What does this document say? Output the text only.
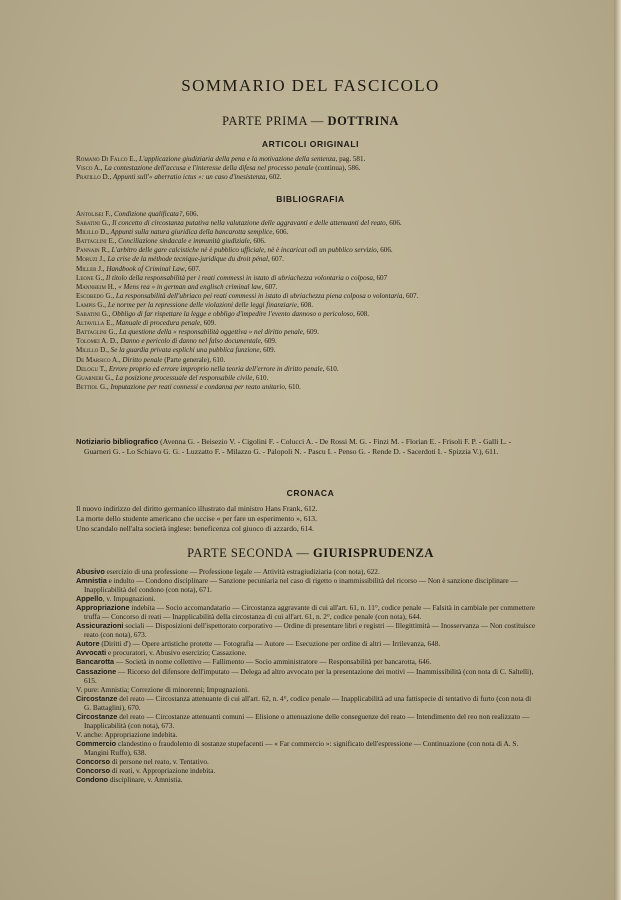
SOMMARIO DEL FASCICOLO
PARTE PRIMA — DOTTRINA
ARTICOLI ORIGINALI

Romano Di Falco E., L'applicazione giudiziaria della pena e la motivazione della sentenza, pag. 581.

Visco A., La contestazione dell'accusa e l'interesse della difesa nel processo penale (continua), 586.

Pratillo D., Appunti sull'« aberratio ictus »: un caso d'inesistenza, 602.

BIBLIOGRAFIA

Antolisei F., Condizione qualificata?, 606.

Sabatini G., Il concetto di circostanza putativa nella valutazione delle aggravanti e delle attenuanti del reato, 606.

Milillo D., Appunti sulla natura giuridica della bancarotta semplice, 606.

Battaglini E., Conciliazione sindacale e immunità giudiziale, 606.

Pannain R., L'arbitro delle gare calcistiche nè è pubblico ufficiale, nè è incaricat odi un pubblico servizio, 606.

Moruzi J., La crise de la méthode tecnique-juridique du droit pénal, 607.

Miller J., Handbook of Criminal Law, 607.

Leone G., Il titolo della responsabilità per i reati commessi in istato di ubriachezza volontaria o colposa, 607

Mannheim H., « Mens rea » in german and englisch criminal law, 607.

Escobedo G., La responsabilità dell'ubriaco pei reati commessi in istato di ubriachezza piena colposa o volontaria, 607.

Lampis G., Le norme per la repressione delle violazioni delle leggi finanziarie, 608.

Sabatini G., Obbligo di far rispettare la legge e obbligo d'impedire l'evento dannoso o pericoloso, 608.

Altavilla E., Manuale di procedura penale, 609.

Battaglini G., La questione della « responsabilità oggettiva » nel diritto penale, 609.

Tolomei A. D., Danno e pericolo di danno nel falso documentale, 609.

Milillo D., Se la guardia privata esplichi una pubblica funzione, 609.

De Marsico A., Diritto penale (Parte generale), 610.

Delogu T., Errore proprio ed errore improprio nella teoria dell'errore in diritto penale, 610.

Guarneri G., La posizione processuale del responsabile civile, 610.

Bettiol G., Imputazione per reati connessi e condanna per reato unitario, 610.

Notiziario bibliografico (Avenna G. - Beisezio V. - Cigolini F. - Colucci A. - De Rossi M. G. - Finzi M. - Florian E. - Frisoli F. P. - Galli L. - Guarneri G. - Lo Schiavo G. G. - Luzzatto F. - Milazzo G. - Palopoli N. - Pascu I. - Penso G. - Rende D. - Sacerdoti I. - Spizzia V.), 611.

CRONACA

Il nuovo indirizzo del diritto germanico illustrato dal ministro Hans Frank, 612.

La morte dello studente americano che uccise « per fare un esperimento », 613.

Uno scandalo nell'alta società inglese: beneficenza col giuoco di azzardo, 614.

PARTE SECONDA — GIURISPRUDENZA

Abusivo esercizio di una professione — Professione legale — Attività estragiudiziaria (con nota), 622.

Amnistia e indulto — Condono disciplinare — Sanzione pecuniaria nel caso di rigetto o inammissibilità del ricorso — Non è sanzione disciplinare — Inapplicabilità del condono (con nota), 671.

Appello, v. Impugnazioni.

Appropriazione indebita — Socio accomandatario — Circostanza aggravante di cui all'art. 61, n. 11°, codice penale — Falsità in cambiale per commettere truffa — Concorso di reati — Inapplicabilità della circostanza di cui all'art. 61, n. 2°, codice penale (con nota), 644.

Assicurazioni sociali — Disposizioni dell'ispettorato corporativo — Ordine di presentare libri e registri — Illegittimità — Inosservanza — Non costituisce reato (con nota), 673.

Autore (Diritti d') — Opere artistiche protette — Fotografia — Autore — Esecuzione per ordine di altri — Irrilevanza, 648.

Avvocati e procuratori, v. Abusivo esercizio; Cassazione.

Bancarotta — Società in nome collettivo — Fallimento — Socio amministratore — Responsabilità per bancarotta, 646.

Cassazione — Ricorso del difensore dell'imputato — Delega ad altro avvocato per la presentazione dei motivi — Inammissibilità (con nota di C. Saltelli), 615.

V. pure: Amnistia; Correzione di minorenni; Impugnazioni.

Circostanze del reato — Circostanza attenuante di cui all'art. 62, n. 4°, codice penale — Inapplicabilità ad una fattispecie di tentativo di furto (con nota di G. Battaglini), 670.

Circostanze del reato — Circostanze attenuanti comuni — Elisione o attenuazione delle conseguenze del reato — Intendimento del reo non realizzato — Inapplicabilità (con nota), 673.

V. anche: Appropriazione indebita.

Commercio clandestino o fraudolento di sostanze stupefacenti — « Far commercio »: significato dell'espressione — Continuazione (con nota di A. S. Mangini Ruffo), 638.

Concorso di persone nel reato, v. Tentativo.

Concorso di reati, v. Appropriazione indebita.

Condono disciplinare, v. Amnistia.
